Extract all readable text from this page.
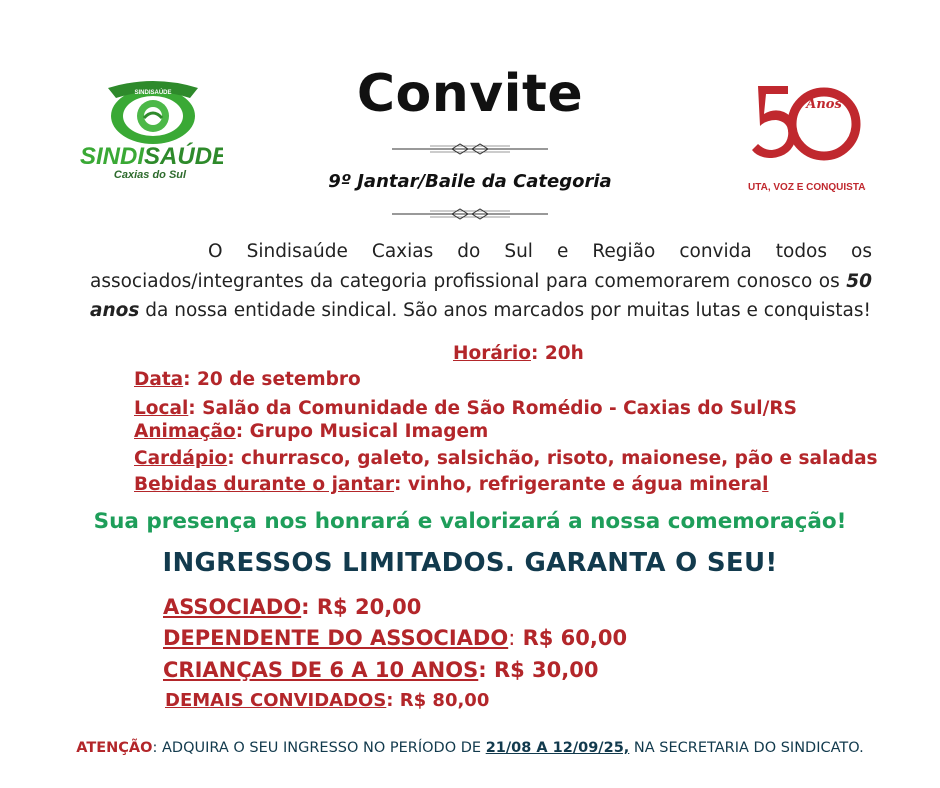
SINDISAÚDE
SINDISAÚDE
Caxias do Sul
Anos
LUTA, VOZ E CONQUISTAS
Convite
9º Jantar/Baile da Categoria
O Sindisaúde Caxias do Sul e Região convida todos os associados/integrantes da categoria profissional para comemorarem conosco os 50 anos da nossa entidade sindical. São anos marcados por muitas lutas e conquistas!
Horário: 20h
Data: 20 de setembro
Local: Salão da Comunidade de São Romédio - Caxias do Sul/RS
Animação: Grupo Musical Imagem
Cardápio: churrasco, galeto, salsichão, risoto, maionese, pão e saladas
Bebidas durante o jantar: vinho, refrigerante e água mineral
Sua presença nos honrará e valorizará a nossa comemoração!
INGRESSOS LIMITADOS. GARANTA O SEU!
ASSOCIADO: R$ 20,00
DEPENDENTE DO ASSOCIADO: R$ 60,00
CRIANÇAS DE 6 A 10 ANOS: R$ 30,00
DEMAIS CONVIDADOS: R$ 80,00
ATENÇÃO: ADQUIRA O SEU INGRESSO NO PERÍODO DE 21/08 A 12/09/25, NA SECRETARIA DO SINDICATO.
